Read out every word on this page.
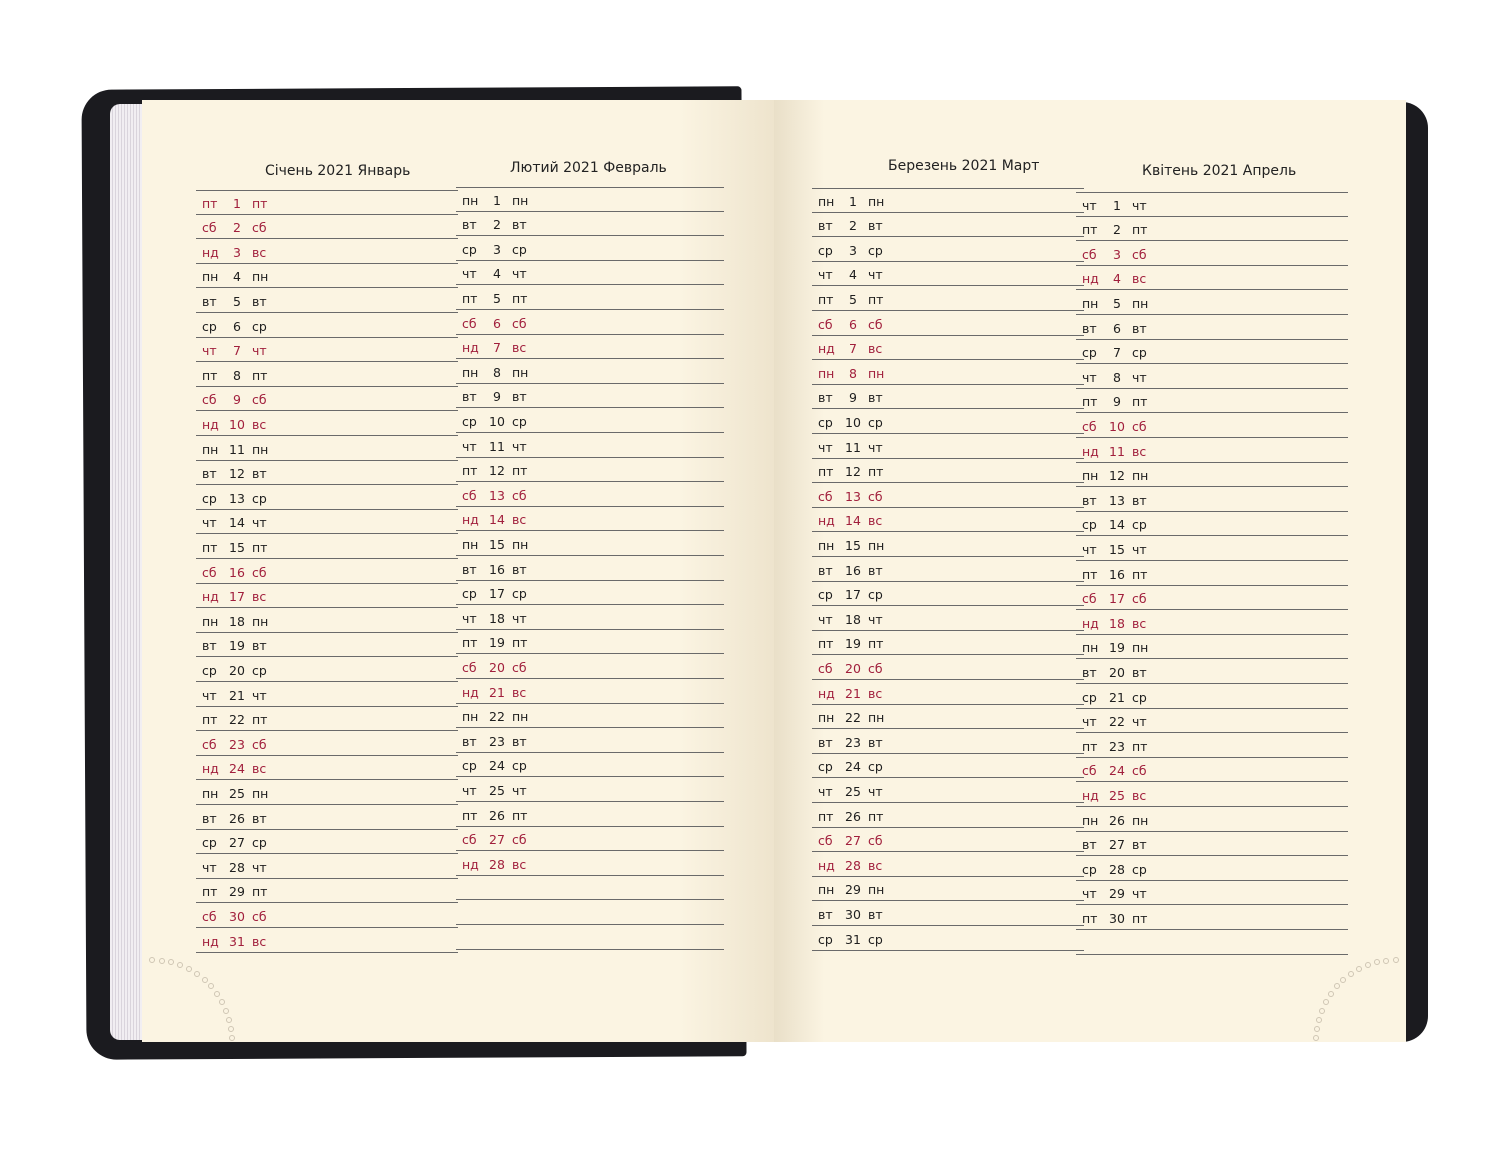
Січень 2021 Январь	Лютий 2021 Февраль
пт 1 пт
сб 2 сб
нд 3 вс
пн 4 пн
вт 5 вт
ср 6 ср
чт 7 чт
пт 8 пт
сб 9 сб
нд 10 вс
пн 11 пн
вт 12 вт
ср 13 ср
чт 14 чт
пт 15 пт
сб 16 сб
нд 17 вс
пн 18 пн
вт 19 вт
ср 20 ср
чт 21 чт
пт 22 пт
сб 23 сб
нд 24 вс
пн 25 пн
вт 26 вт
ср 27 ср
чт 28 чт
пт 29 пт
сб 30 сб
нд 31 вс
пн 1 пн
вт 2 вт
ср 3 ср
чт 4 чт
пт 5 пт
сб 6 сб
нд 7 вс
пн 8 пн
вт 9 вт
ср 10 ср
чт 11 чт
пт 12 пт
сб 13 сб
нд 14 вс
пн 15 пн
вт 16 вт
ср 17 ср
чт 18 чт
пт 19 пт
сб 20 сб
нд 21 вс
пн 22 пн
вт 23 вт
ср 24 ср
чт 25 чт
пт 26 пт
сб 27 сб
нд 28 вс
Березень 2021 Март	Квітень 2021 Апрель
пн 1 пн
вт 2 вт
ср 3 ср
чт 4 чт
пт 5 пт
сб 6 сб
нд 7 вс
пн 8 пн
вт 9 вт
ср 10 ср
чт 11 чт
пт 12 пт
сб 13 сб
нд 14 вс
пн 15 пн
вт 16 вт
ср 17 ср
чт 18 чт
пт 19 пт
сб 20 сб
нд 21 вс
пн 22 пн
вт 23 вт
ср 24 ср
чт 25 чт
пт 26 пт
сб 27 сб
нд 28 вс
пн 29 пн
вт 30 вт
ср 31 ср
чт 1 чт
пт 2 пт
сб 3 сб
нд 4 вс
пн 5 пн
вт 6 вт
ср 7 ср
чт 8 чт
пт 9 пт
сб 10 сб
нд 11 вс
пн 12 пн
вт 13 вт
ср 14 ср
чт 15 чт
пт 16 пт
сб 17 сб
нд 18 вс
пн 19 пн
вт 20 вт
ср 21 ср
чт 22 чт
пт 23 пт
сб 24 сб
нд 25 вс
пн 26 пн
вт 27 вт
ср 28 ср
чт 29 чт
пт 30 пт
